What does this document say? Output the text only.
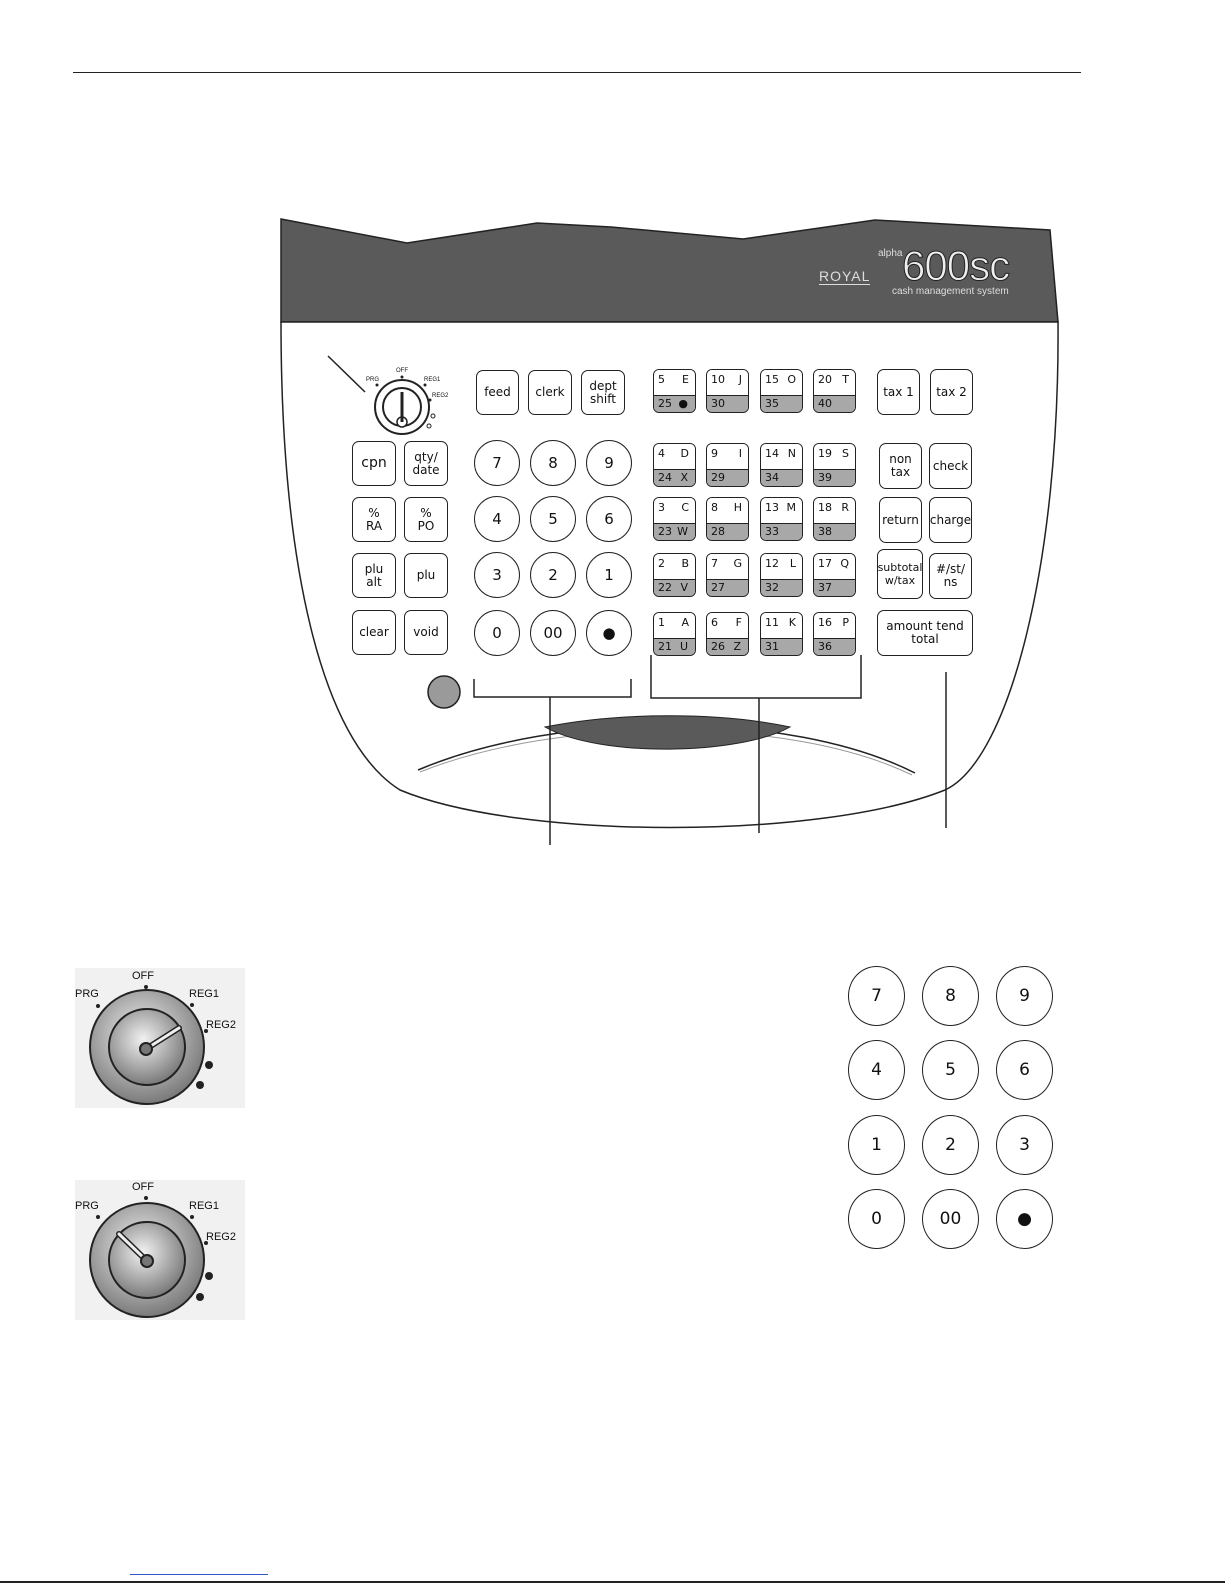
alpha
ROYAL 600sc
cash management system
PRG
OFF
REG1
REG2	feed	clerk	dept
shift
cpn	qty/
date
%
RA
%
PO
plu
alt	plu
clear	void
7	8	9
4	5	6
3	2	1
0	00	●
5 E
25 ●
10 J
30
15 O
35
20 T
40
4 D
24 X
9 I
29
14 N
34
19 S
39
3 C
23 W
8 H
28
13 M
33
18 R
38
2 B
22 V
7 G
27
12 L
32
17 Q
37
1 A
21 U
6 F
26 Z
11 K
31
16 P
36
tax 1	tax 2
non
tax	check
return charge
subtotal
w/tax
#/st/
ns
amount tend
total
PRG
OFF
REG1
REG2
PRG
OFF
REG1
REG2
7	8	9
4	5	6
1	2	3
0	00	●
